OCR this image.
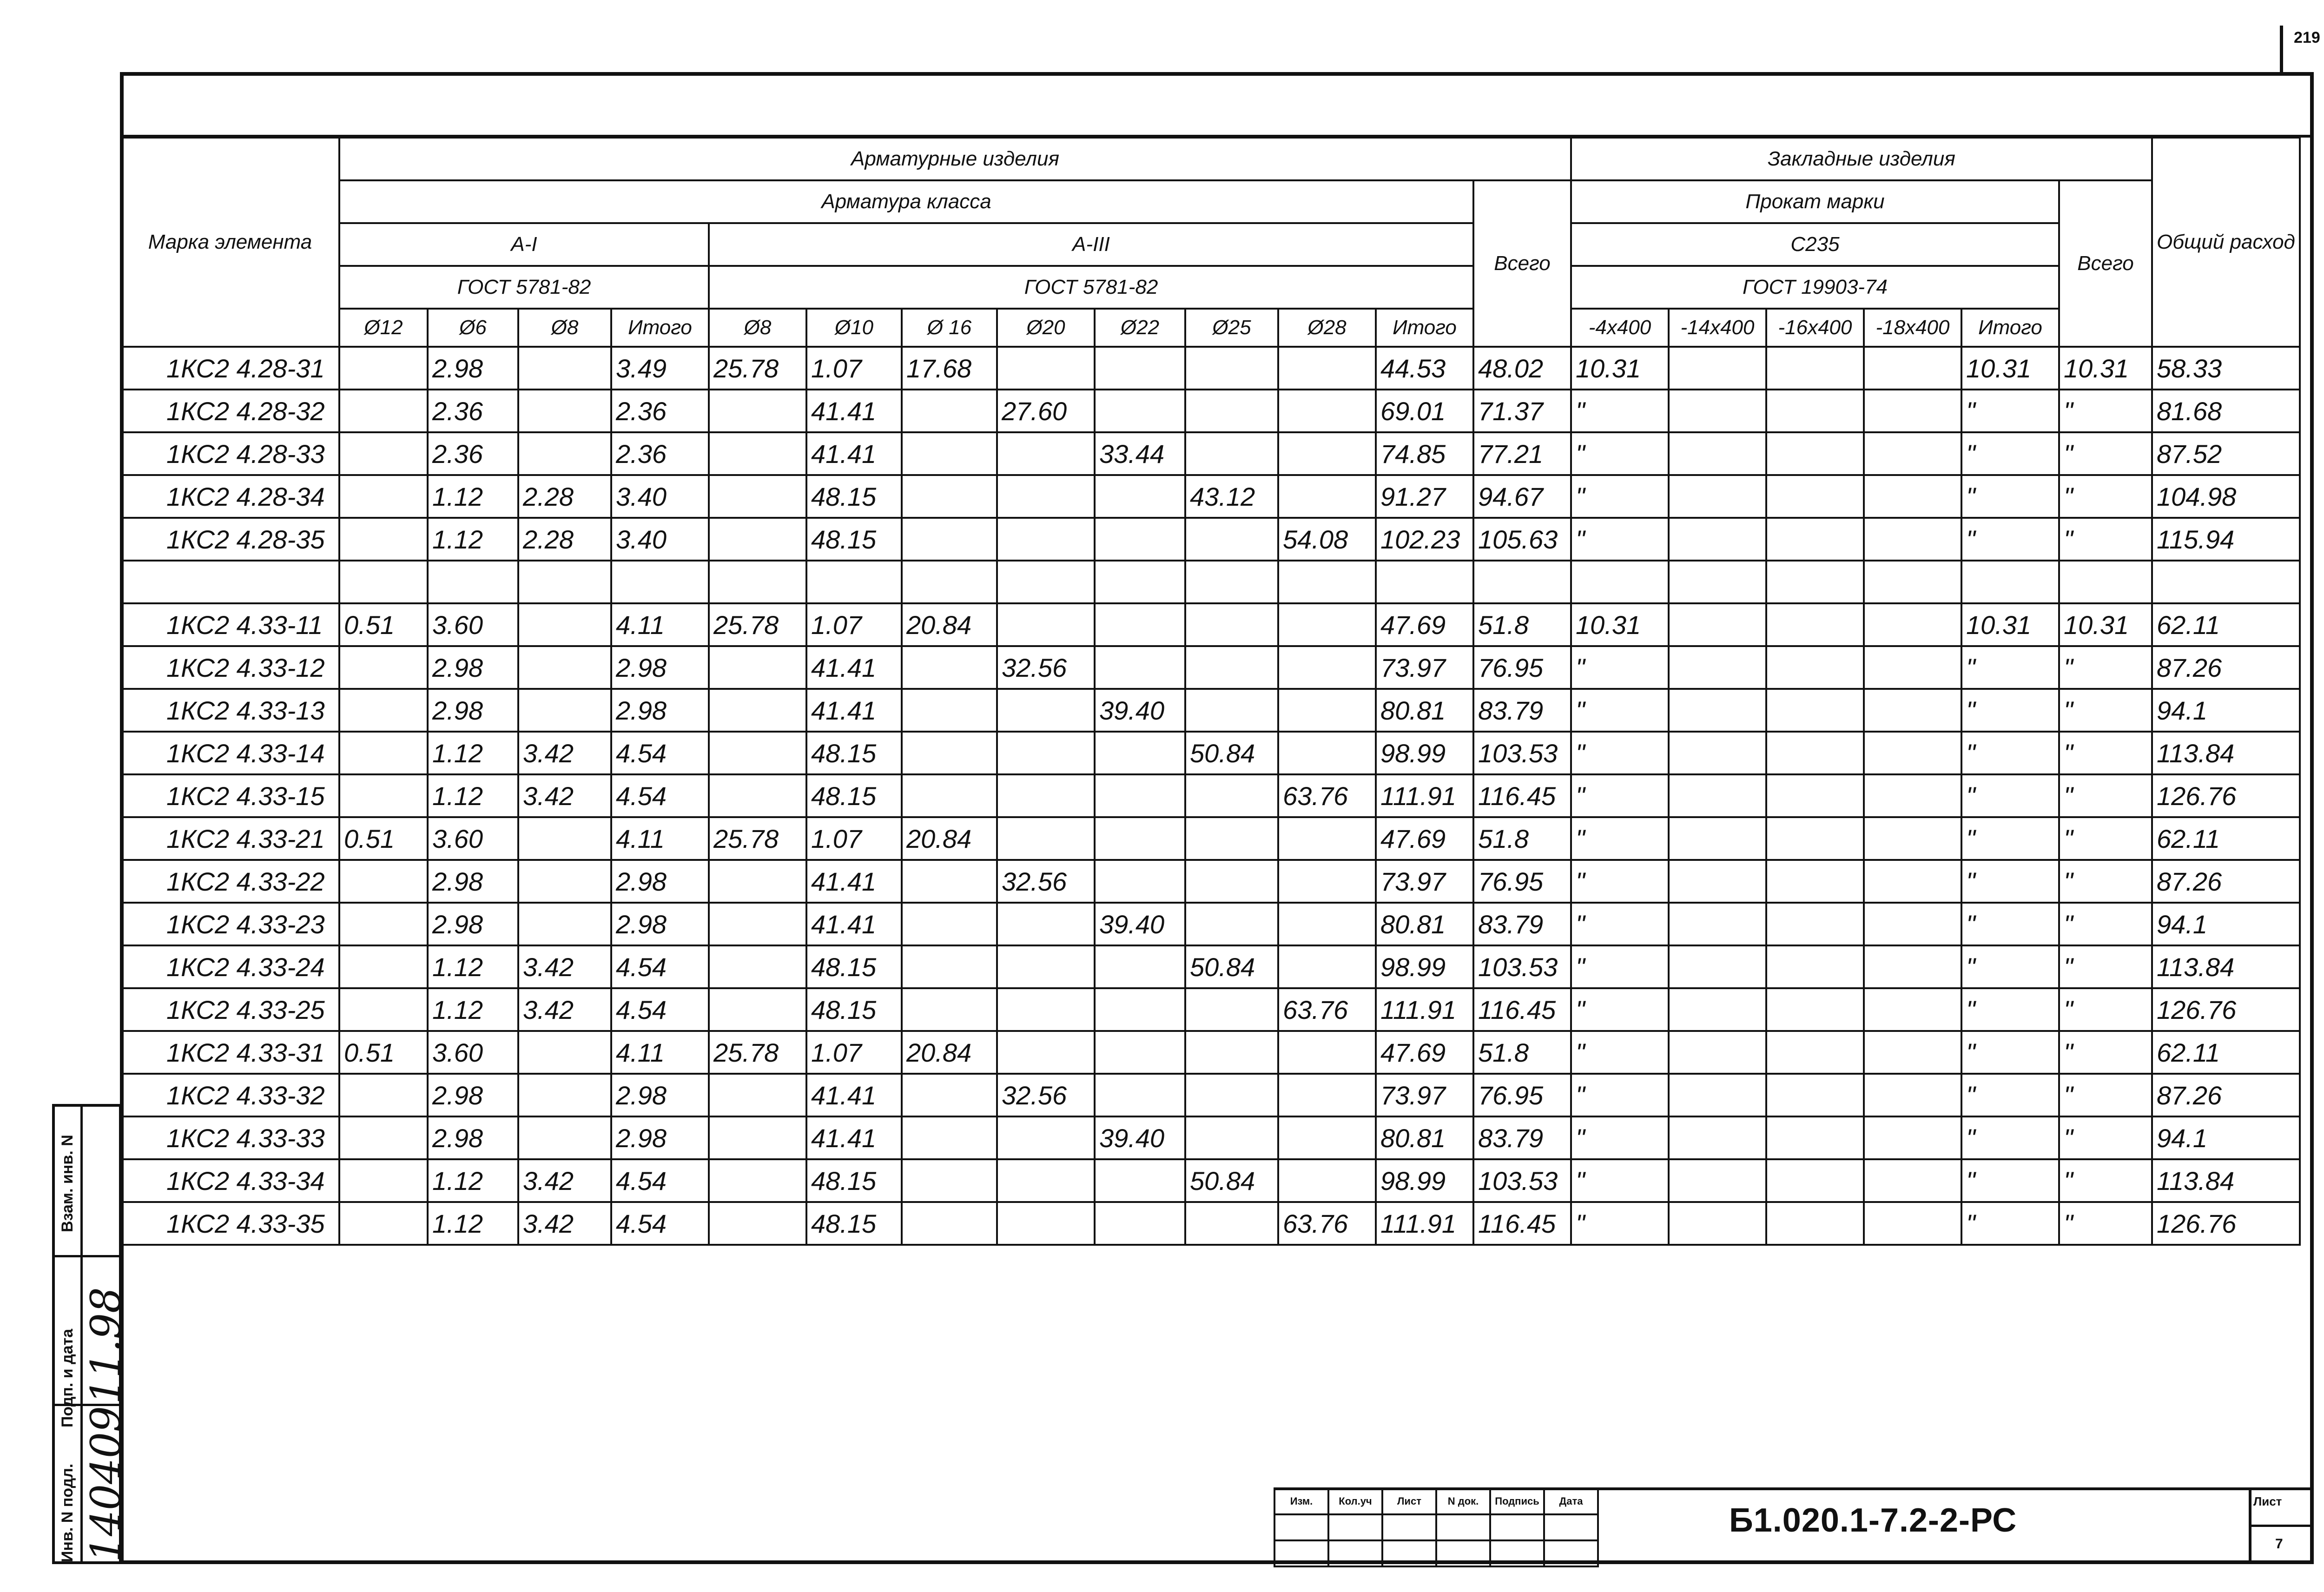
219
Марка элемента	Арматурные изделия													Закладные изделия						Общий расход
	Арматура класса												Всего	Прокат марки					Всего	
	A-I				A-III									С235						
	ГОСТ 5781-82				ГОСТ 5781-82									ГОСТ 19903-74						
	Ø12	Ø6	Ø8	Итого	Ø8	Ø10	Ø 16	Ø20	Ø22	Ø25	Ø28	Итого		-4x400	-14x400	-16x400	-18x400	Итого		
1КС2 4.28-31		2.98		3.49	25.78	1.07	17.68					44.53	48.02	10.31				10.31	10.31	58.33
1КС2 4.28-32		2.36		2.36		41.41		27.60				69.01	71.37	"				"	"	81.68
1КС2 4.28-33		2.36		2.36		41.41			33.44			74.85	77.21	"				"	"	87.52
1КС2 4.28-34		1.12	2.28	3.40		48.15				43.12		91.27	94.67	"				"	"	104.98
1КС2 4.28-35		1.12	2.28	3.40		48.15					54.08	102.23	105.63	"				"	"	115.94

1КС2 4.33-11	0.51	3.60		4.11	25.78	1.07	20.84					47.69	51.8	10.31				10.31	10.31	62.11
1КС2 4.33-12		2.98		2.98		41.41		32.56				73.97	76.95	"				"	"	87.26
1КС2 4.33-13		2.98		2.98		41.41			39.40			80.81	83.79	"				"	"	94.1
1КС2 4.33-14		1.12	3.42	4.54		48.15				50.84		98.99	103.53	"				"	"	113.84
1КС2 4.33-15		1.12	3.42	4.54		48.15					63.76	111.91	116.45	"				"	"	126.76
1КС2 4.33-21	0.51	3.60		4.11	25.78	1.07	20.84					47.69	51.8	"				"	"	62.11
1КС2 4.33-22		2.98		2.98		41.41		32.56				73.97	76.95	"				"	"	87.26
1КС2 4.33-23		2.98		2.98		41.41			39.40			80.81	83.79	"				"	"	94.1
1КС2 4.33-24		1.12	3.42	4.54		48.15				50.84		98.99	103.53	"				"	"	113.84
1КС2 4.33-25		1.12	3.42	4.54		48.15					63.76	111.91	116.45	"				"	"	126.76
1КС2 4.33-31	0.51	3.60		4.11	25.78	1.07	20.84					47.69	51.8	"				"	"	62.11
1КС2 4.33-32		2.98		2.98		41.41		32.56				73.97	76.95	"				"	"	87.26
1КС2 4.33-33		2.98		2.98		41.41			39.40			80.81	83.79	"				"	"	94.1
1КС2 4.33-34		1.12	3.42	4.54		48.15				50.84		98.99	103.53	"				"	"	113.84
1КС2 4.33-35		1.12	3.42	4.54		48.15					63.76	111.91	116.45	"				"	"	126.76
Инв. N подл.
Подп. и дата
Взам. инв. N
140409
11.98
Изм.	Кол.уч	Лист	N док.	Подпись	Дата

Б1.020.1-7.2-2-РС
Лист
7
